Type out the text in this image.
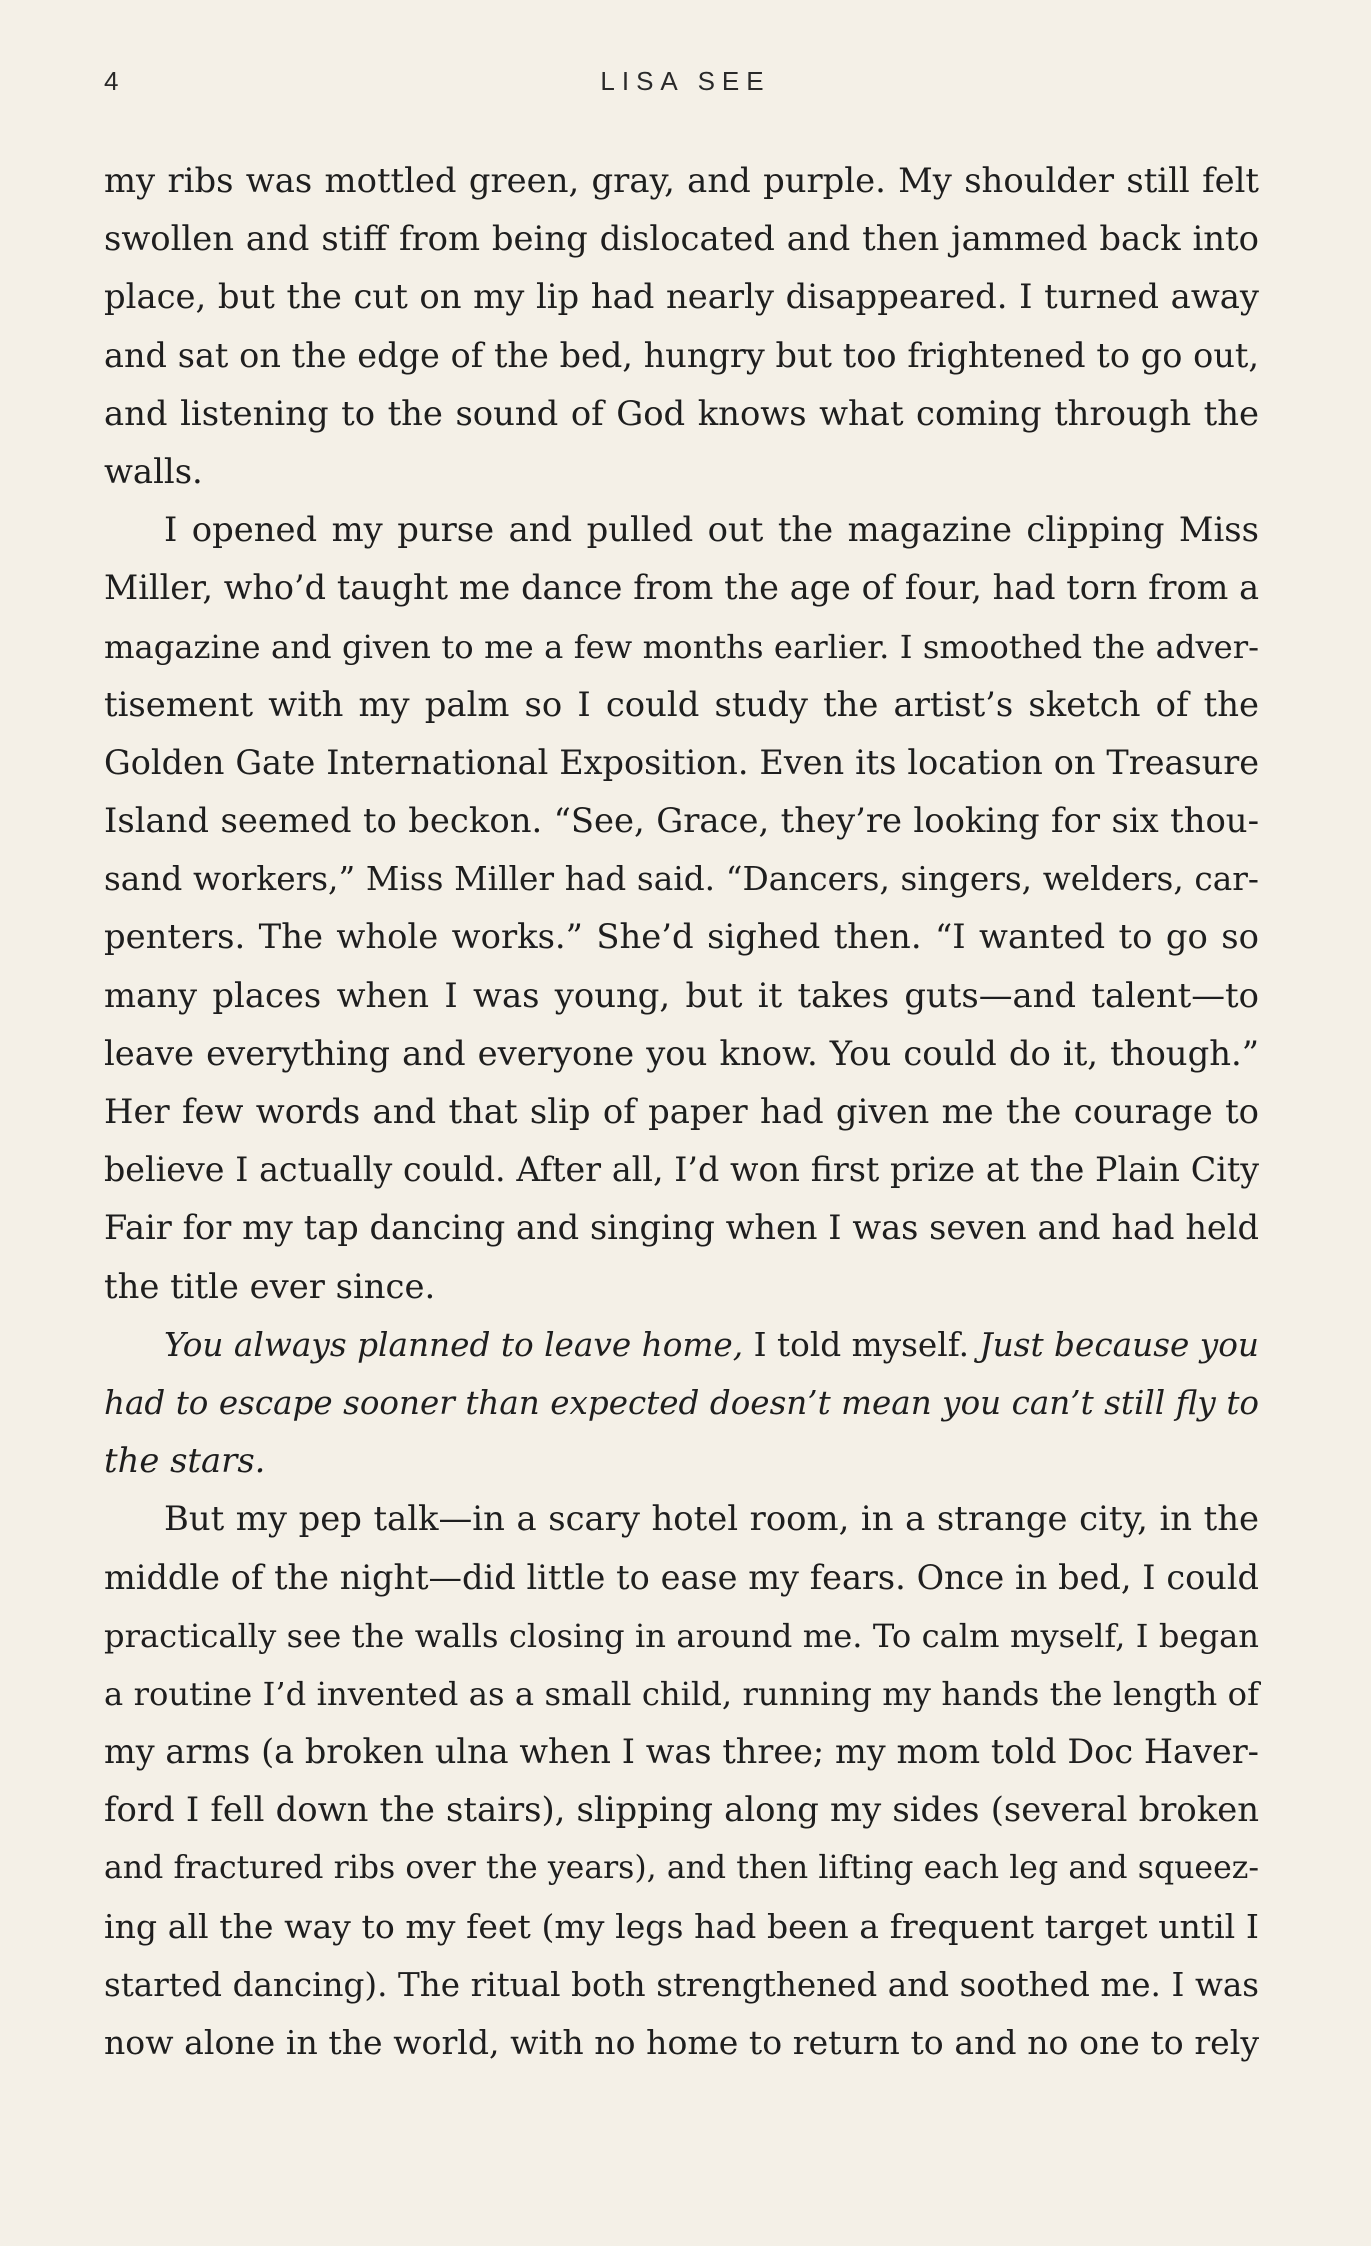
4	LISA SEE
my ribs was mottled green, gray, and purple. My shoulder still felt
swollen and stiff from being dislocated and then jammed back into
place, but the cut on my lip had nearly disappeared. I turned away
and sat on the edge of the bed, hungry but too frightened to go out,
and listening to the sound of God knows what coming through the
walls.
I opened my purse and pulled out the magazine clipping Miss
Miller, who’d taught me dance from the age of four, had torn from a
magazine and given to me a few months earlier. I smoothed the adver-
tisement with my palm so I could study the artist’s sketch of the
Golden Gate International Exposition. Even its location on Treasure
Island seemed to beckon. “See, Grace, they’re looking for six thou-
sand workers,” Miss Miller had said. “Dancers, singers, welders, car-
penters. The whole works.” She’d sighed then. “I wanted to go so
many places when I was young, but it takes guts—and talent—to
leave everything and everyone you know. You could do it, though.”
Her few words and that slip of paper had given me the courage to
believe I actually could. After all, I’d won first prize at the Plain City
Fair for my tap dancing and singing when I was seven and had held
the title ever since.
You always planned to leave home, I told myself. Just because you
had to escape sooner than expected doesn’t mean you can’t still fly to
the stars.
But my pep talk—in a scary hotel room, in a strange city, in the
middle of the night—did little to ease my fears. Once in bed, I could
practically see the walls closing in around me. To calm myself, I began
a routine I’d invented as a small child, running my hands the length of
my arms (a broken ulna when I was three; my mom told Doc Haver-
ford I fell down the stairs), slipping along my sides (several broken
and fractured ribs over the years), and then lifting each leg and squeez-
ing all the way to my feet (my legs had been a frequent target until I
started dancing). The ritual both strengthened and soothed me. I was
now alone in the world, with no home to return to and no one to rely
